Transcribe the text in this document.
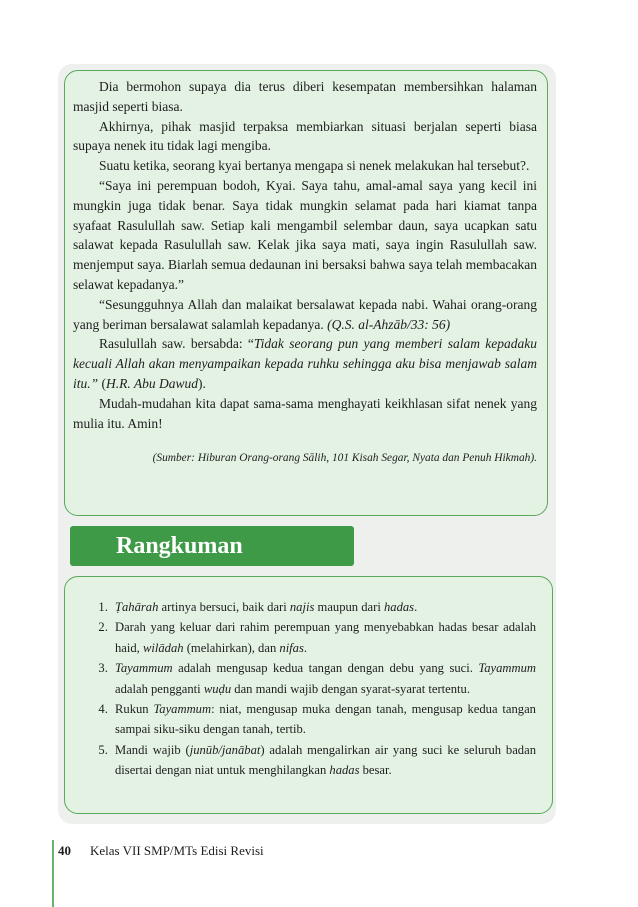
Dia bermohon supaya dia terus diberi kesempatan membersihkan halaman masjid seperti biasa.

Akhirnya, pihak masjid terpaksa membiarkan situasi berjalan seperti biasa supaya nenek itu tidak lagi mengiba.

Suatu ketika, seorang kyai bertanya mengapa si nenek melakukan hal tersebut?.

“Saya ini perempuan bodoh, Kyai. Saya tahu, amal-amal saya yang kecil ini mungkin juga tidak benar. Saya tidak mungkin selamat pada hari kiamat tanpa syafaat Rasulullah saw. Setiap kali mengambil selembar daun, saya ucapkan satu salawat kepada Rasulullah saw. Kelak jika saya mati, saya ingin Rasulullah saw. menjemput saya. Biarlah semua dedaunan ini bersaksi bahwa saya telah membacakan selawat kepadanya.”

“Sesungguhnya Allah dan malaikat bersalawat kepada nabi. Wahai orang-orang yang beriman bersalawat salamlah kepadanya. (Q.S. al-Ahzāb/33: 56)

Rasulullah saw. bersabda: “Tidak seorang pun yang memberi salam kepadaku kecuali Allah akan menyampaikan kepada ruhku sehingga aku bisa menjawab salam itu.” (H.R. Abu Dawud).

Mudah-mudahan kita dapat sama-sama menghayati keikhlasan sifat nenek yang mulia itu. Amin!

(Sumber: Hiburan Orang-orang Sālih, 101 Kisah Segar, Nyata dan Penuh Hikmah).

Rangkuman
1. Ṭahārah artinya bersuci, baik dari najis maupun dari hadas.
2. Darah yang keluar dari rahim perempuan yang menyebabkan hadas besar adalah haid, wilādah (melahirkan), dan nifas.
3. Tayammum adalah mengusap kedua tangan dengan debu yang suci. Tayammum adalah pengganti wuḍu dan mandi wajib dengan syarat-syarat tertentu.
4. Rukun Tayammum: niat, mengusap muka dengan tanah, mengusap kedua tangan sampai siku-siku dengan tanah, tertib.
5. Mandi wajib (junūb/janābat) adalah mengalirkan air yang suci ke seluruh badan disertai dengan niat untuk menghilangkan hadas besar.
40 Kelas VII SMP/MTs Edisi Revisi
